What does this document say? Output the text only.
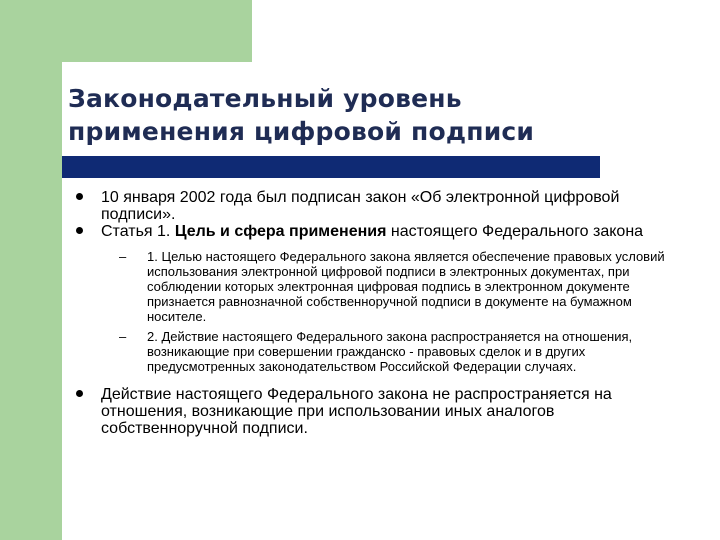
Законодательный уровень
применения цифровой подписи
10 января 2002 года был подписан закон «Об электронной цифровой подписи».
Статья 1. Цель и сфера применения настоящего Федерального закона
– 1. Целью настоящего Федерального закона является обеспечение правовых условий использования электронной цифровой подписи в электронных документах, при соблюдении которых электронная цифровая подпись в электронном документе признается равнозначной собственноручной подписи в документе на бумажном носителе.
– 2. Действие настоящего Федерального закона распространяется на отношения, возникающие при совершении гражданско - правовых сделок и в других предусмотренных законодательством Российской Федерации случаях.
Действие настоящего Федерального закона не распространяется на отношения, возникающие при использовании иных аналогов собственноручной подписи.
